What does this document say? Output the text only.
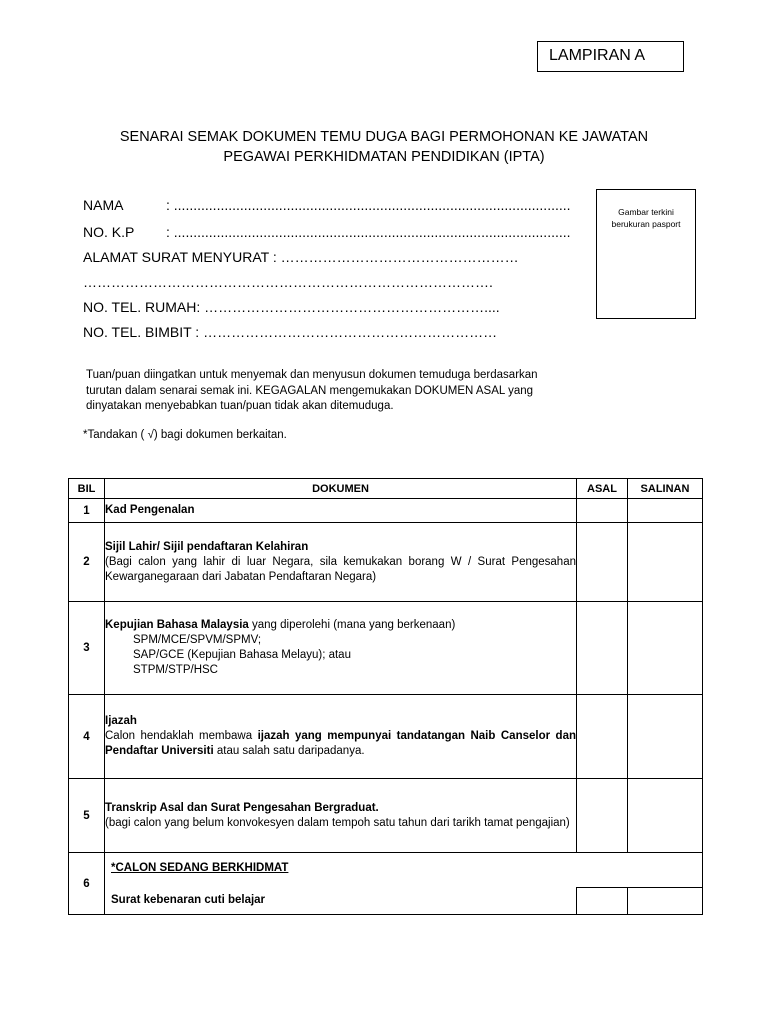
LAMPIRAN A
SENARAI SEMAK DOKUMEN TEMU DUGA BAGI PERMOHONAN KE JAWATAN
PEGAWAI PERKHIDMATAN PENDIDIKAN (IPTA)
Gambar terkini berukuran pasport
NAMA	: ......................................................................................................
NO. K.P : ......................................................................................................
ALAMAT SURAT MENYURAT : ……………………………………………
…………………………………………………………………………….
NO. TEL. RUMAH: ……………………………………………………....
NO. TEL. BIMBIT : ………………………………………………………

Tuan/puan diingatkan untuk menyemak dan menyusun dokumen temuduga berdasarkan

turutan dalam senarai semak ini. KEGAGALAN mengemukakan DOKUMEN ASAL yang

dinyatakan menyebabkan tuan/puan tidak akan ditemuduga.

*Tandakan ( √) bagi dokumen berkaitan.
BIL	DOKUMEN	ASAL	SALINAN
1	Kad Pengenalan		
2	Sijil Lahir/ Sijil pendaftaran Kelahiran
(Bagi calon yang lahir di luar Negara, sila kemukakan borang W / Surat Pengesahan Kewarganegaraan dari Jabatan Pendaftaran Negara)		

3	Kepujian Bahasa Malaysia yang diperolehi (mana yang berkenaan)
SPM/MCE/SPVM/SPMV;
SAP/GCE (Kepujian Bahasa Melayu); atau
STPM/STP/HSC		

4	Ijazah
Calon hendaklah membawa ijazah yang mempunyai tandatangan Naib Canselor dan Pendaftar Universiti atau salah satu daripadanya.		

5	Transkrip Asal dan Surat Pengesahan Bergraduat.
(bagi calon yang belum konvokesyen dalam tempoh satu tahun dari tarikh tamat pengajian)		

6	*CALON SEDANG BERKHIDMAT
Surat kebenaran cuti belajar		
